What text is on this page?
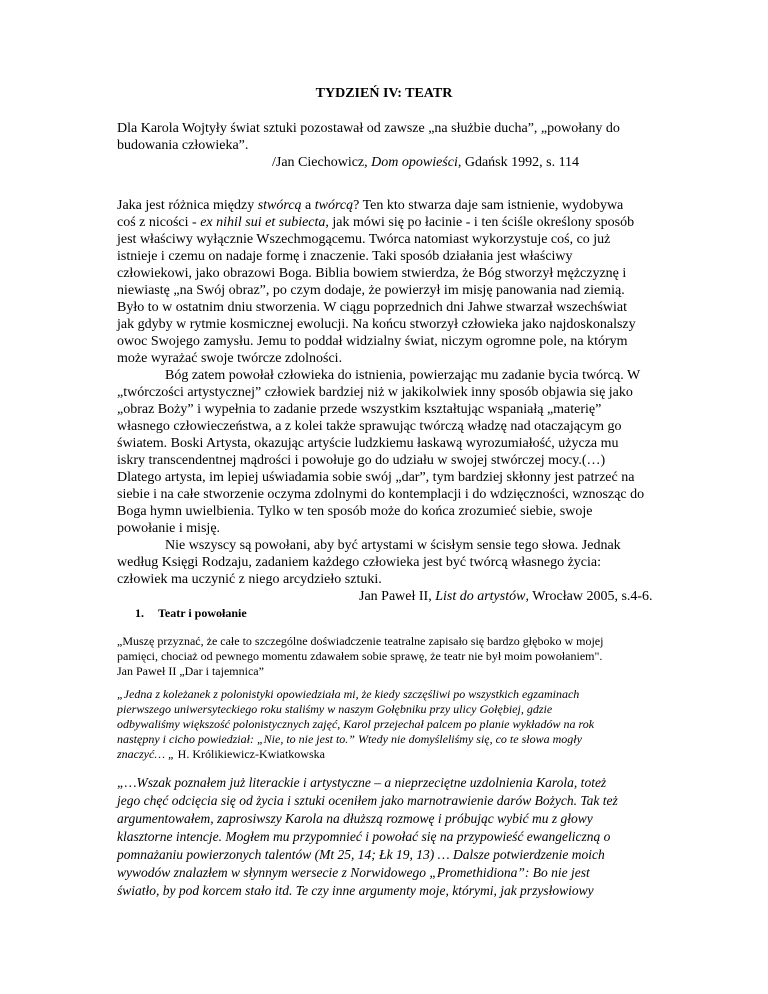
TYDZIEŃ IV: TEATR
Dla Karola Wojtyły świat sztuki pozostawał od zawsze „na służbie ducha”, „powołany do
budowania człowieka”.
/Jan Ciechowicz, Dom opowieści, Gdańsk 1992, s. 114
Jaka jest różnica między stwórcą a twórcą? Ten kto stwarza daje sam istnienie, wydobywa
coś z nicości - ex nihil sui et subiecta, jak mówi się po łacinie - i ten ściśle określony sposób
jest właściwy wyłącznie Wszechmogącemu. Twórca natomiast wykorzystuje coś, co już
istnieje i czemu on nadaje formę i znaczenie. Taki sposób działania jest właściwy
człowiekowi, jako obrazowi Boga. Biblia bowiem stwierdza, że Bóg stworzył mężczyznę i
niewiastę „na Swój obraz”, po czym dodaje, że powierzył im misję panowania nad ziemią.
Było to w ostatnim dniu stworzenia. W ciągu poprzednich dni Jahwe stwarzał wszechświat
jak gdyby w rytmie kosmicznej ewolucji. Na końcu stworzył człowieka jako najdoskonalszy
owoc Swojego zamysłu. Jemu to poddał widzialny świat, niczym ogromne pole, na którym
może wyrażać swoje twórcze zdolności.
Bóg zatem powołał człowieka do istnienia, powierzając mu zadanie bycia twórcą. W
„twórczości artystycznej” człowiek bardziej niż w jakikolwiek inny sposób objawia się jako
„obraz Boży” i wypełnia to zadanie przede wszystkim kształtując wspaniałą „materię”
własnego człowieczeństwa, a z kolei także sprawując twórczą władzę nad otaczającym go
światem. Boski Artysta, okazując artyście ludzkiemu łaskawą wyrozumiałość, użycza mu
iskry transcendentnej mądrości i powołuje go do udziału w swojej stwórczej mocy.(…)
Dlatego artysta, im lepiej uświadamia sobie swój „dar”, tym bardziej skłonny jest patrzeć na
siebie i na całe stworzenie oczyma zdolnymi do kontemplacji i do wdzięczności, wznosząc do
Boga hymn uwielbienia. Tylko w ten sposób może do końca zrozumieć siebie, swoje
powołanie i misję.
Nie wszyscy są powołani, aby być artystami w ścisłym sensie tego słowa. Jednak
według Księgi Rodzaju, zadaniem każdego człowieka jest być twórcą własnego życia:
człowiek ma uczynić z niego arcydzieło sztuki.
Jan Paweł II, List do artystów, Wrocław 2005, s.4-6.
1. Teatr i powołanie
„Muszę przyznać, że całe to szczególne doświadczenie teatralne zapisało się bardzo głęboko w mojej
pamięci, chociaż od pewnego momentu zdawałem sobie sprawę, że teatr nie był moim powołaniem".
Jan Paweł II „Dar i tajemnica”
„Jedna z koleżanek z polonistyki opowiedziała mi, że kiedy szczęśliwi po wszystkich egzaminach
pierwszego uniwersyteckiego roku staliśmy w naszym Gołębniku przy ulicy Gołębiej, gdzie
odbywaliśmy większość polonistycznych zajęć, Karol przejechał palcem po planie wykładów na rok
następny i cicho powiedział: „Nie, to nie jest to.” Wtedy nie domyśleliśmy się, co te słowa mogły
znaczyć… „ H. Królikiewicz-Kwiatkowska
„…Wszak poznałem już literackie i artystyczne – a nieprzeciętne uzdolnienia Karola, toteż
jego chęć odcięcia się od życia i sztuki oceniłem jako marnotrawienie darów Bożych. Tak też
argumentowałem, zaprosiwszy Karola na dłuższą rozmowę i próbując wybić mu z głowy
klasztorne intencje. Mogłem mu przypomnieć i powołać się na przypowieść ewangeliczną o
pomnażaniu powierzonych talentów (Mt 25, 14; Łk 19, 13) … Dalsze potwierdzenie moich
wywodów znalazłem w słynnym wersecie z Norwidowego „Promethidiona”: Bo nie jest
światło, by pod korcem stało itd. Te czy inne argumenty moje, którymi, jak przysłowiowy
